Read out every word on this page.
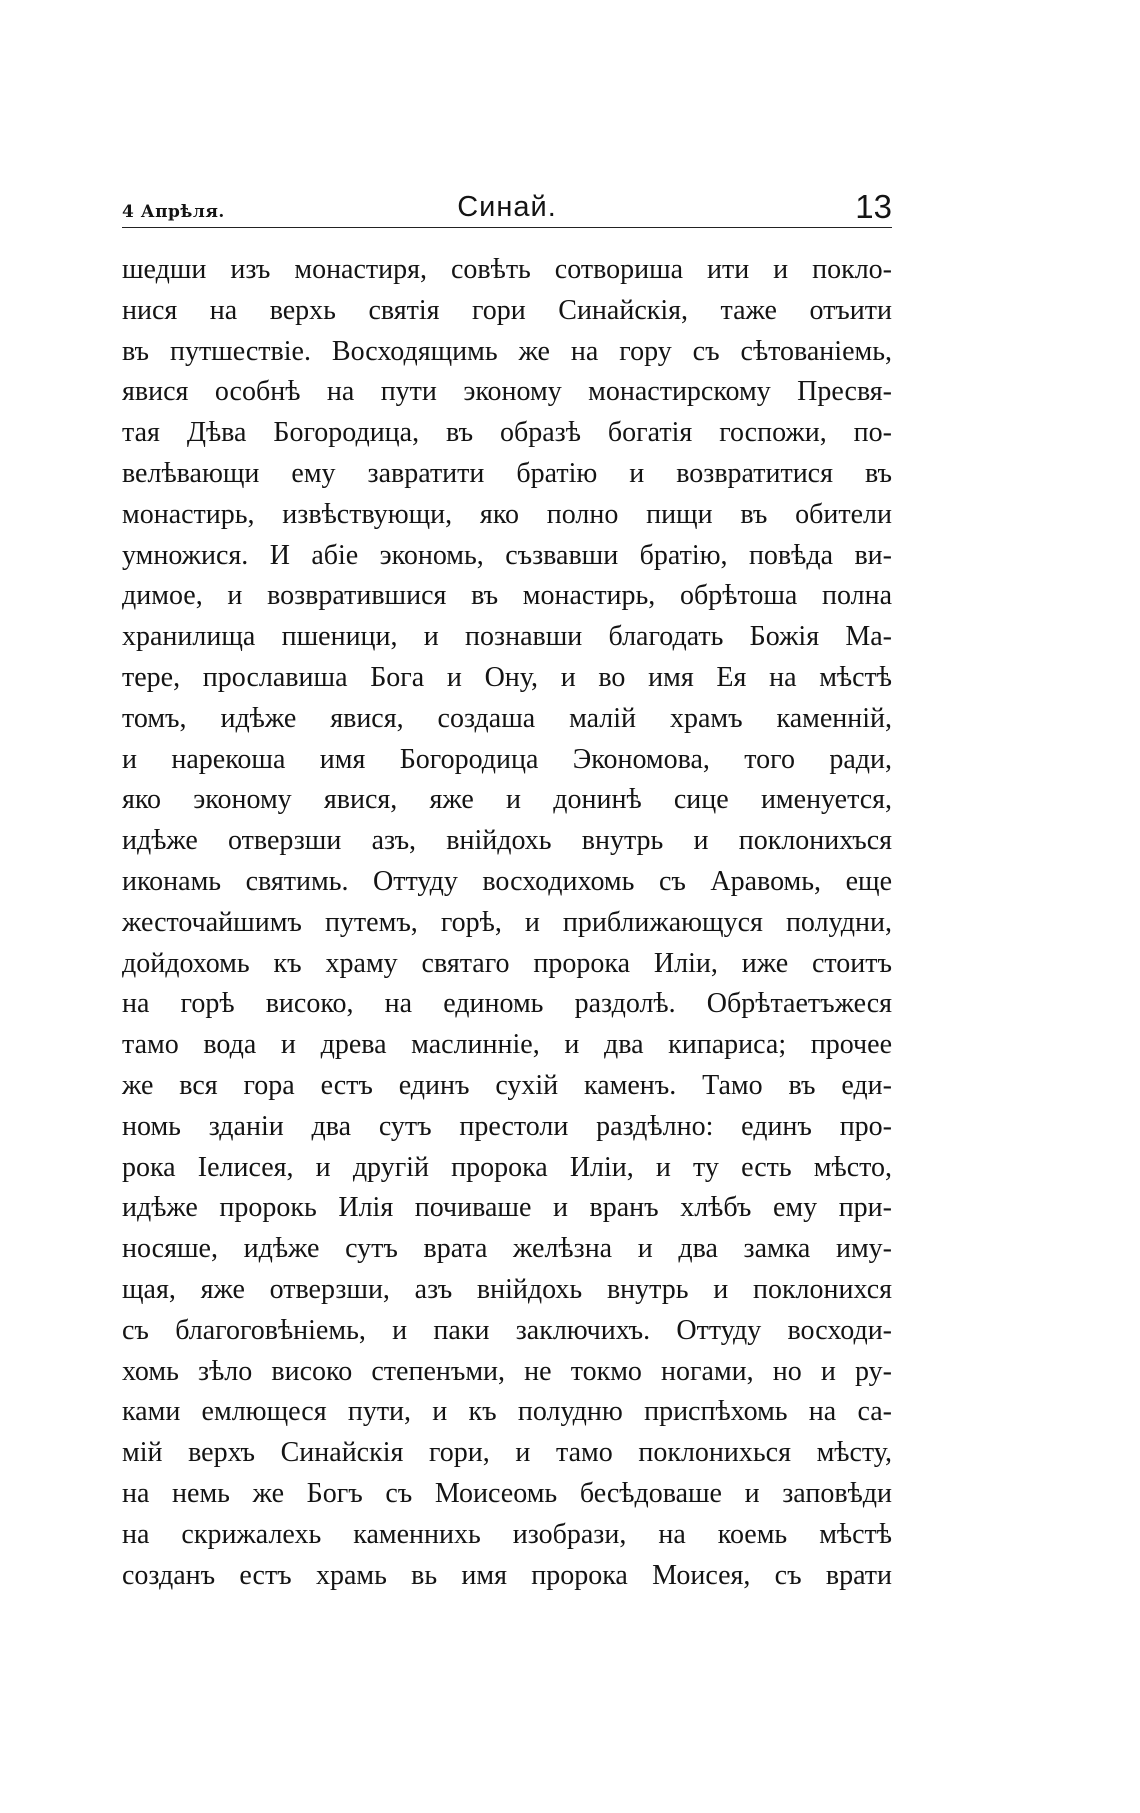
4 Апрѣля.	Синай.	13
шедши изъ монастиря, совѣть сотвориша ити и покло-
нися на верхь святія гори Синайскія, таже отъити
въ путшествіе. Восходящимь же на гору съ сѣтованіемь,
явися особнѣ на пути эконому монастирскому Пресвя-
тая Дѣва Богородица, въ образѣ богатія госпожи, по-
велѣвающи ему завратити братію и возвратитися въ
монастирь, извѣствующи, яко полно пищи въ обители
умножися. И абіе экономь, съзвавши братію, повѣда ви-
димое, и возвратившися въ монастирь, обрѣтоша полна
хранилища пшеници, и познавши благодать Божія Ма-
тере, прославиша Бога и Ону, и во имя Ея на мѣстѣ
томъ, идѣже явися, создаша малій храмъ каменній,
и нарекоша имя Богородица Экономова, того ради,
яко эконому явися, яже и донинѣ сице именуется,
идѣже отверзши азъ, внійдохь внутрь и поклонихъся
иконамь святимь. Оттуду восходихомь съ Аравомь, еще
жесточайшимъ путемъ, горѣ, и приближающуся полудни,
дойдохомь къ храму святаго пророка Иліи, иже стоитъ
на горѣ високо, на единомь раздолѣ. Обрѣтаетъжеся
тамо вода и древа маслинніе, и два кипариса; прочее
же вся гора естъ единъ сухій каменъ. Тамо въ еди-
номь зданіи два сутъ престоли раздѣлно: единъ про-
рока Іелисея, и другій пророка Иліи, и ту есть мѣсто,
идѣже пророкь Илія почиваше и вранъ хлѣбъ ему при-
носяше, идѣже сутъ врата желѣзна и два замка иму-
щая, яже отверзши, азъ внійдохь внутрь и поклонихся
съ благоговѣніемь, и паки заключихъ. Оттуду восходи-
хомь зѣло високо степенъми, не токмо ногами, но и ру-
ками емлющеся пути, и къ полудню приспѣхомь на са-
мій верхъ Синайскія гори, и тамо поклонихься мѣсту,
на немь же Богъ съ Моисеомь бесѣдоваше и заповѣди
на скрижалехь каменнихь изобрази, на коемь мѣстѣ
созданъ естъ храмь вь имя пророка Моисея, съ врати
